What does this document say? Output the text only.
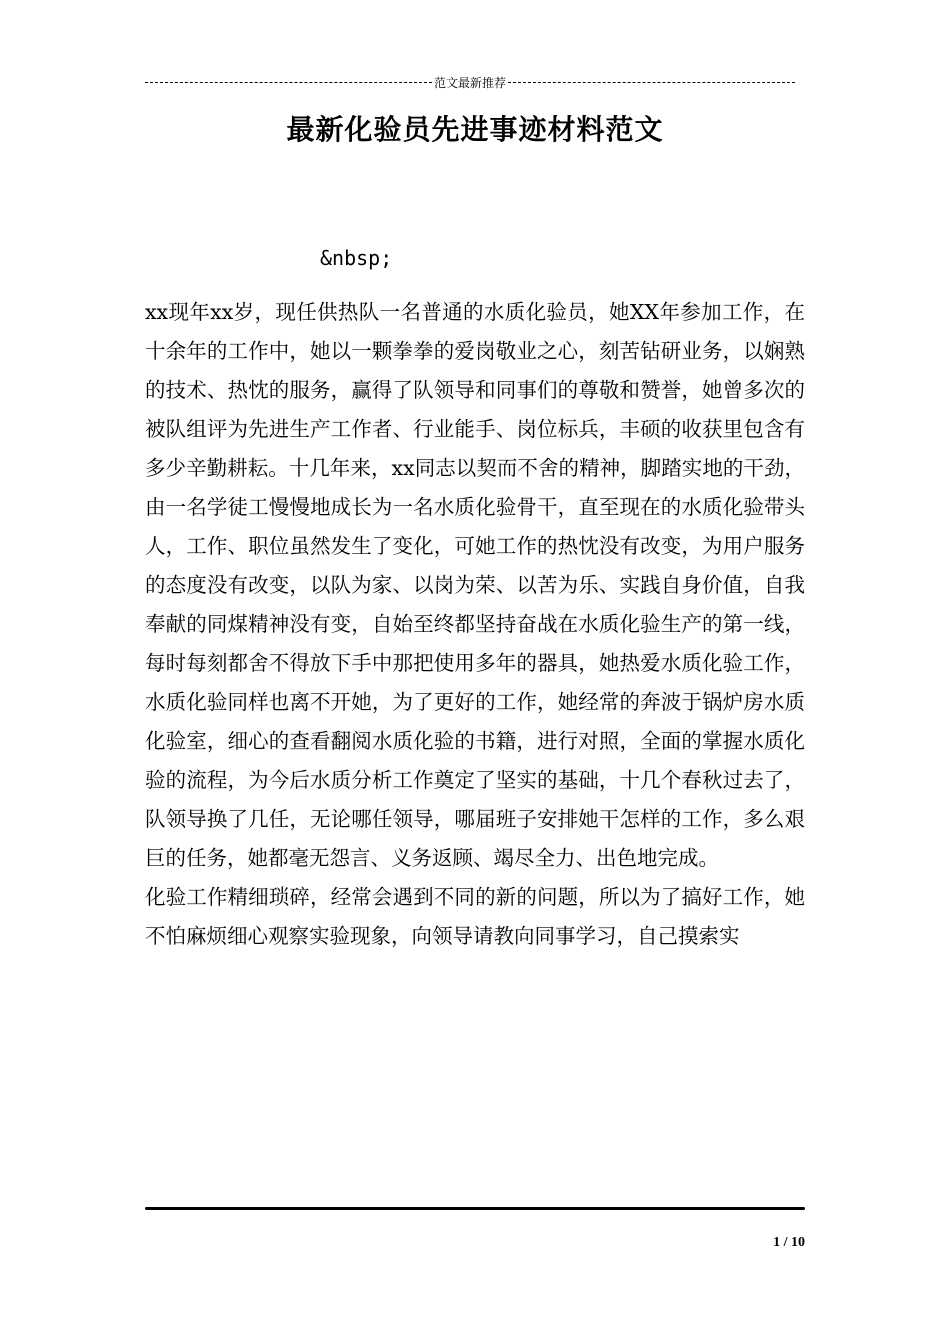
范文最新推荐
最新化验员先进事迹材料范文
&nbsp;

xx现年xx岁，现任供热队一名普通的水质化验员，她XX年参加工作，在十余年的工作中，她以一颗拳拳的爱岗敬业之心，刻苦钻研业务，以娴熟的技术、热忱的服务，赢得了队领导和同事们的尊敬和赞誉，她曾多次的被队组评为先进生产工作者、行业能手、岗位标兵，丰硕的收获里包含有多少辛勤耕耘。十几年来，xx同志以契而不舍的精神，脚踏实地的干劲，由一名学徒工慢慢地成长为一名水质化验骨干，直至现在的水质化验带头人，工作、职位虽然发生了变化，可她工作的热忱没有改变，为用户服务的态度没有改变，以队为家、以岗为荣、以苦为乐、实践自身价值，自我奉献的同煤精神没有变，自始至终都坚持奋战在水质化验生产的第一线，每时每刻都舍不得放下手中那把使用多年的器具，她热爱水质化验工作，水质化验同样也离不开她，为了更好的工作，她经常的奔波于锅炉房水质化验室，细心的查看翻阅水质化验的书籍，进行对照，全面的掌握水质化验的流程，为今后水质分析工作奠定了坚实的基础，十几个春秋过去了，队领导换了几任，无论哪任领导，哪届班子安排她干怎样的工作，多么艰巨的任务，她都毫无怨言、义务返顾、竭尽全力、出色地完成。

化验工作精细琐碎，经常会遇到不同的新的问题，所以为了搞好工作，她不怕麻烦细心观察实验现象，向领导请教向同事学习，自己摸索实

1 / 10
